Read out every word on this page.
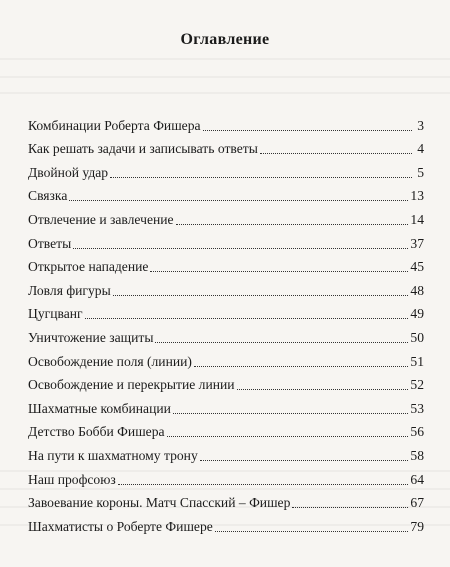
Оглавление
Комбинации Роберта Фишера	3
Как решать задачи и записывать ответы	4
Двойной удар	5
Связка	13
Отвлечение и завлечение	14
Ответы	37
Открытое нападение	45
Ловля фигуры	48
Цугцванг	49
Уничтожение защиты	50
Освобождение поля (линии)	51
Освобождение и перекрытие линии	52
Шахматные комбинации	53
Детство Бобби Фишера	56
На пути к шахматному трону	58
Наш профсоюз	64
Завоевание короны. Матч Спасский – Фишер	67
Шахматисты о Роберте Фишере	79
